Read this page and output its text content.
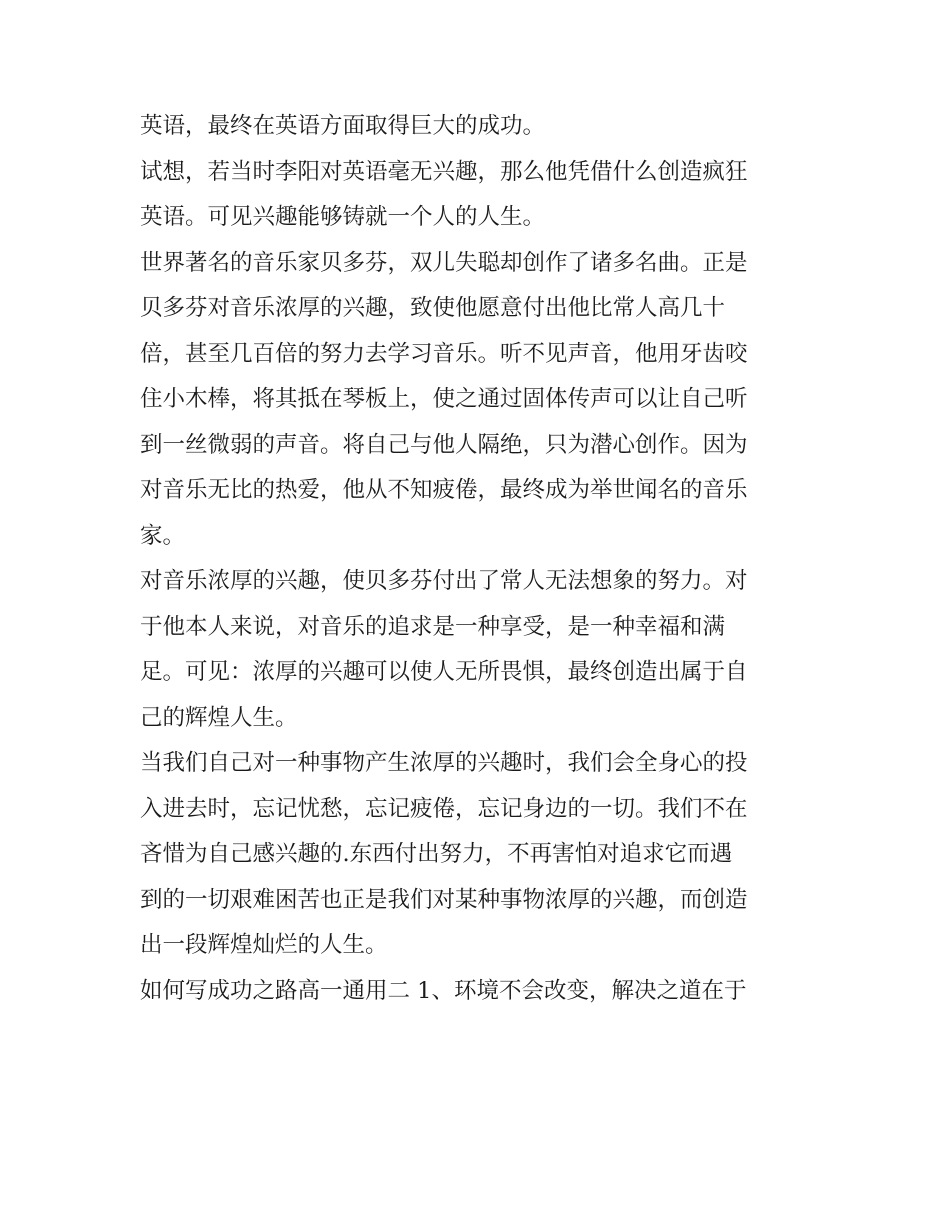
英语，最终在英语方面取得巨大的成功。
试想，若当时李阳对英语毫无兴趣，那么他凭借什么创造疯狂
英语。可见兴趣能够铸就一个人的人生。
世界著名的音乐家贝多芬，双儿失聪却创作了诸多名曲。正是
贝多芬对音乐浓厚的兴趣，致使他愿意付出他比常人高几十
倍，甚至几百倍的努力去学习音乐。听不见声音，他用牙齿咬
住小木棒，将其抵在琴板上，使之通过固体传声可以让自己听
到一丝微弱的声音。将自己与他人隔绝，只为潜心创作。因为
对音乐无比的热爱，他从不知疲倦，最终成为举世闻名的音乐
家。
对音乐浓厚的兴趣，使贝多芬付出了常人无法想象的努力。对
于他本人来说，对音乐的追求是一种享受，是一种幸福和满
足。可见：浓厚的兴趣可以使人无所畏惧，最终创造出属于自
己的辉煌人生。
当我们自己对一种事物产生浓厚的兴趣时，我们会全身心的投
入进去时，忘记忧愁，忘记疲倦，忘记身边的一切。我们不在
吝惜为自己感兴趣的.东西付出努力，不再害怕对追求它而遇
到的一切艰难困苦也正是我们对某种事物浓厚的兴趣，而创造
出一段辉煌灿烂的人生。
如何写成功之路高一通用二 1、环境不会改变，解决之道在于
